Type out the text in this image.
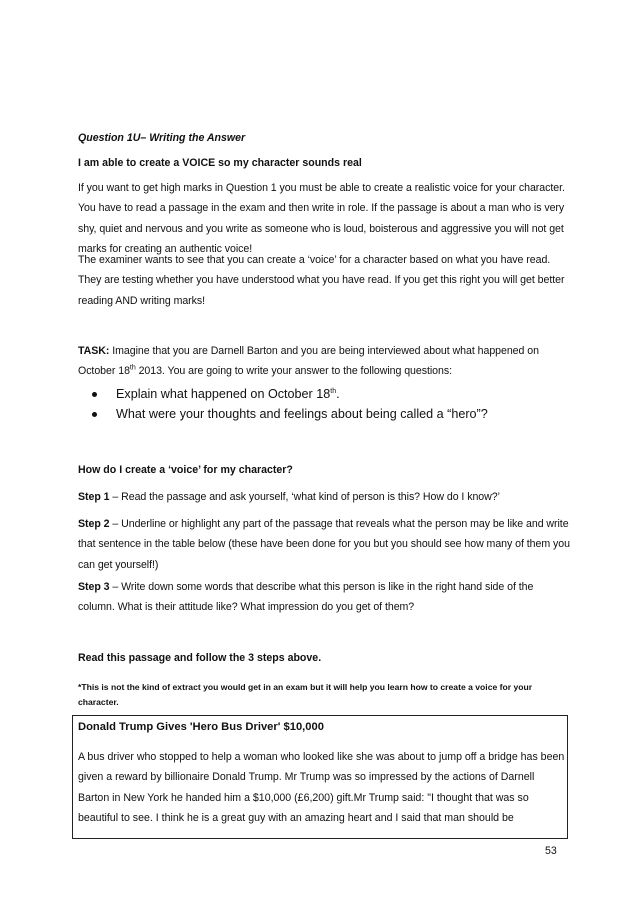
Question 1U– Writing the Answer

I am able to create a VOICE so my character sounds real

If you want to get high marks in Question 1 you must be able to create a realistic voice for your character. You have to read a passage in the exam and then write in role. If the passage is about a man who is very shy, quiet and nervous and you write as someone who is loud, boisterous and aggressive you will not get marks for creating an authentic voice!

The examiner wants to see that you can create a ‘voice’ for a character based on what you have read. They are testing whether you have understood what you have read. If you get this right you will get better reading AND writing marks!

TASK: Imagine that you are Darnell Barton and you are being interviewed about what happened on October 18th 2013. You are going to write your answer to the following questions:

Explain what happened on October 18th.
What were your thoughts and feelings about being called a “hero”?

How do I create a ‘voice’ for my character?

Step 1 – Read the passage and ask yourself, ‘what kind of person is this? How do I know?’

Step 2 – Underline or highlight any part of the passage that reveals what the person may be like and write that sentence in the table below (these have been done for you but you should see how many of them you can get yourself!)

Step 3 – Write down some words that describe what this person is like in the right hand side of the column. What is their attitude like? What impression do you get of them?

Read this passage and follow the 3 steps above.

*This is not the kind of extract you would get in an exam but it will help you learn how to create a voice for your character.

Donald Trump Gives 'Hero Bus Driver' $10,000

A bus driver who stopped to help a woman who looked like she was about to jump off a bridge has been given a reward by billionaire Donald Trump. Mr Trump was so impressed by the actions of Darnell Barton in New York he handed him a $10,000 (£6,200) gift.Mr Trump said: "I thought that was so beautiful to see. I think he is a great guy with an amazing heart and I said that man should be

53
